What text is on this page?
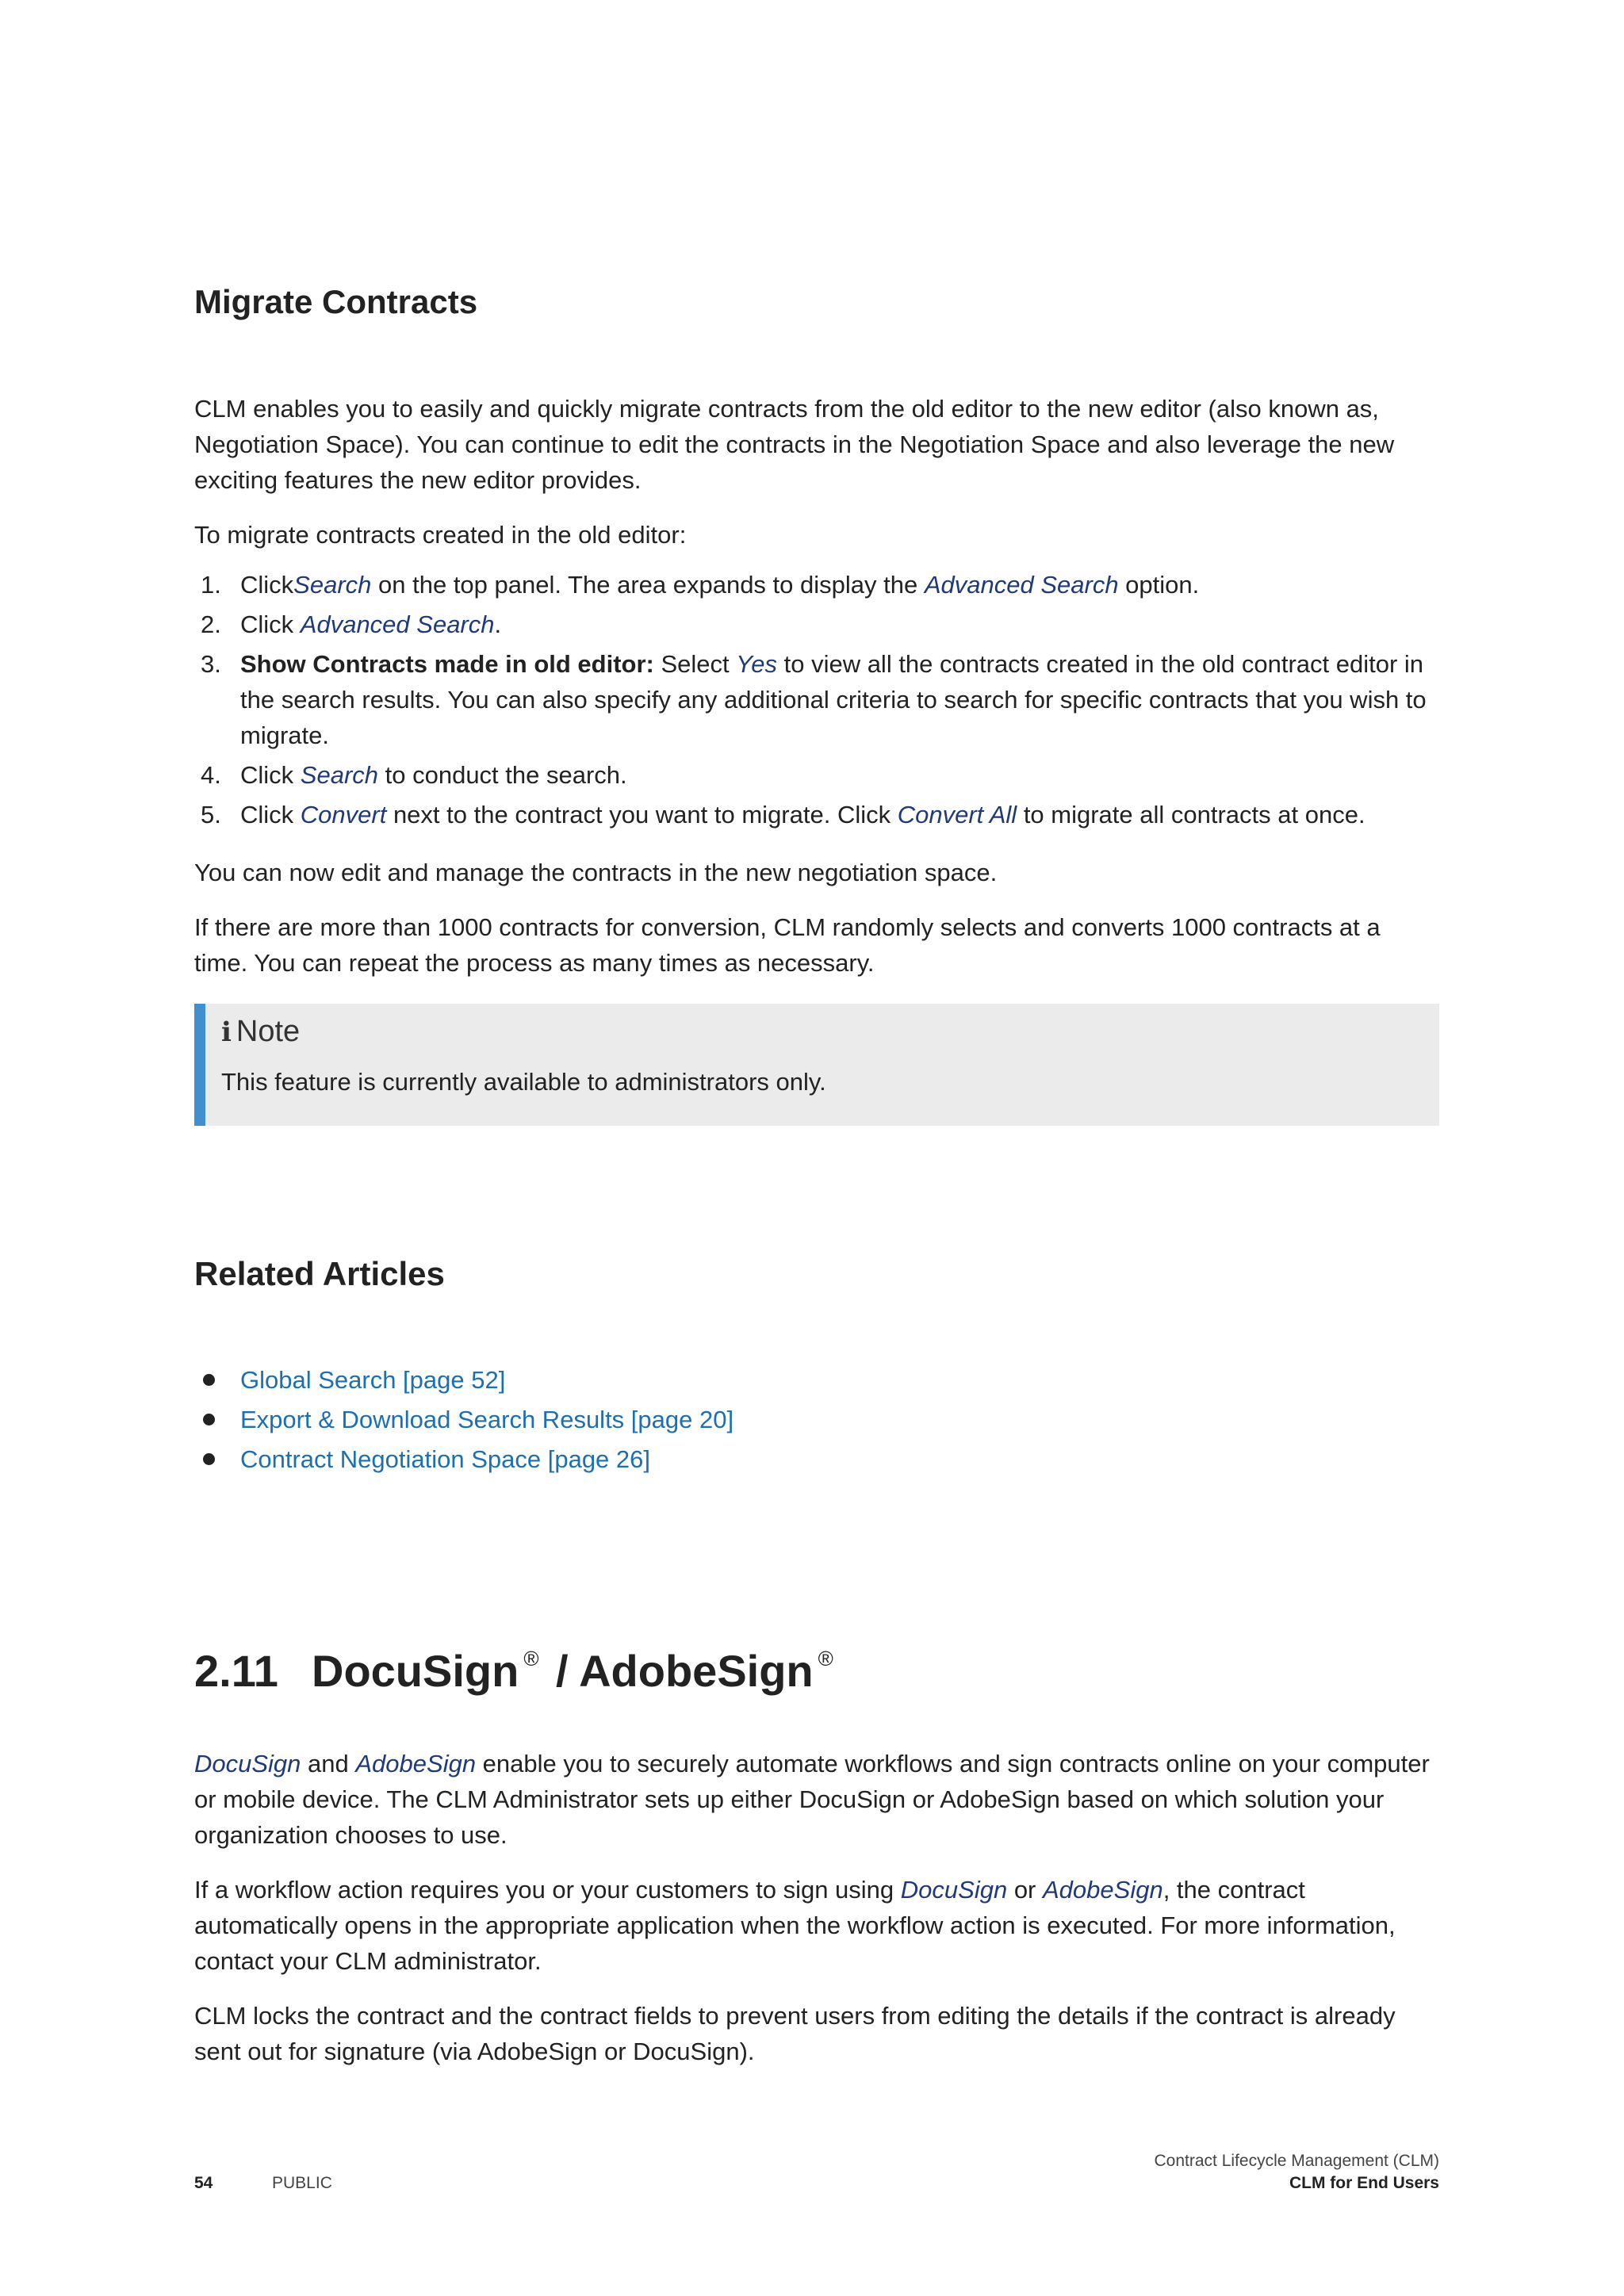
Migrate Contracts

CLM enables you to easily and quickly migrate contracts from the old editor to the new editor (also known as, Negotiation Space). You can continue to edit the contracts in the Negotiation Space and also leverage the new exciting features the new editor provides.

To migrate contracts created in the old editor:

1. ClickSearch on the top panel. The area expands to display the Advanced Search option.
2. Click Advanced Search.
3. Show Contracts made in old editor: Select Yes to view all the contracts created in the old contract editor in the search results. You can also specify any additional criteria to search for specific contracts that you wish to migrate.
4. Click Search to conduct the search.
5. Click Convert next to the contract you want to migrate. Click Convert All to migrate all contracts at once.

You can now edit and manage the contracts in the new negotiation space.

If there are more than 1000 contracts for conversion, CLM randomly selects and converts 1000 contracts at a time. You can repeat the process as many times as necessary.

i Note
This feature is currently available to administrators only.
Related Articles
Global Search [page 52]
Export & Download Search Results [page 20]
Contract Negotiation Space [page 26]
2.11 DocuSign ® / AdobeSign ®

DocuSign and AdobeSign enable you to securely automate workflows and sign contracts online on your computer or mobile device. The CLM Administrator sets up either DocuSign or AdobeSign based on which solution your organization chooses to use.

If a workflow action requires you or your customers to sign using DocuSign or AdobeSign, the contract automatically opens in the appropriate application when the workflow action is executed. For more information, contact your CLM administrator.

CLM locks the contract and the contract fields to prevent users from editing the details if the contract is already sent out for signature (via AdobeSign or DocuSign).

54	PUBLIC
Contract Lifecycle Management (CLM)
CLM for End Users
